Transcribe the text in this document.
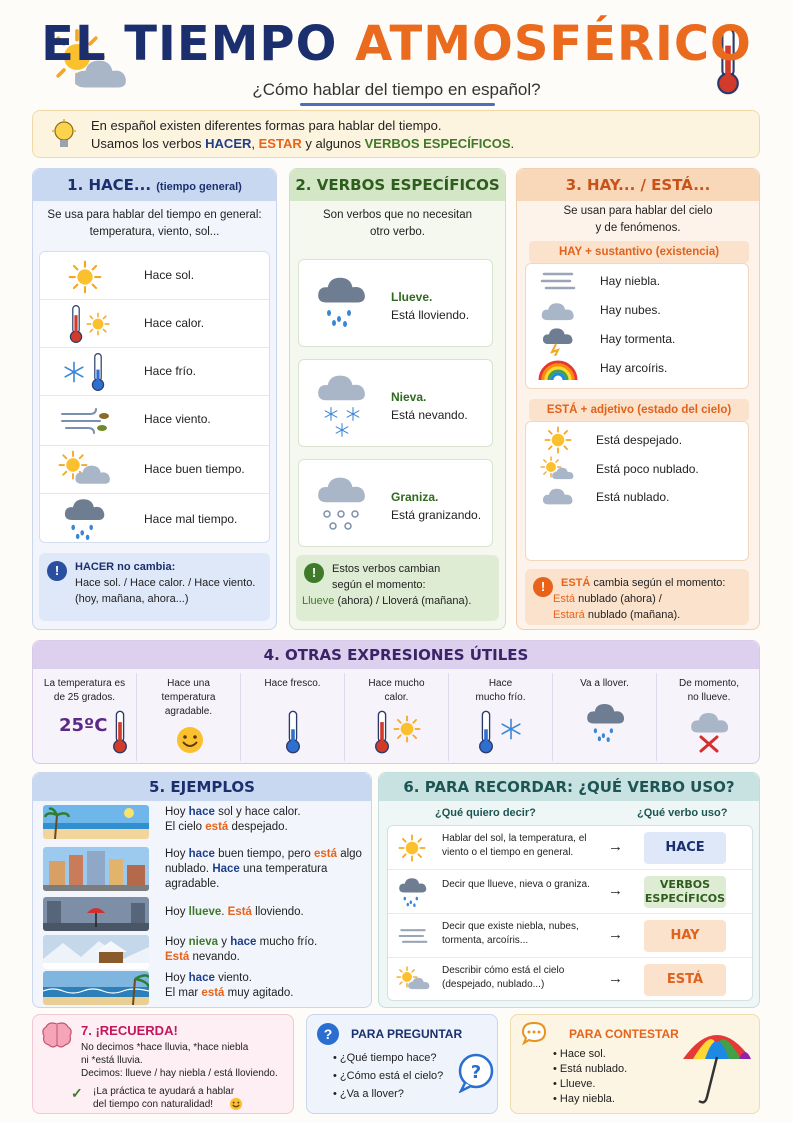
EL TIEMPO ATMOSFÉRICO
¿Cómo hablar del tiempo en español?
En español existen diferentes formas para hablar del tiempo.
Usamos los verbos HACER, ESTAR y algunos VERBOS ESPECÍFICOS.
1. HACE... (tiempo general)
Se usa para hablar del tiempo en general:
temperatura, viento, sol...
Hace sol.
Hace calor.
Hace frío.
Hace viento.
Hace buen tiempo.
Hace mal tiempo.
!	HACER no cambia:
Hace sol. / Hace calor. / Hace viento.
(hoy, mañana, ahora...)
2. VERBOS ESPECÍFICOS
Son verbos que no necesitan
otro verbo.
Llueve.
Está lloviendo.
Nieva.
Está nevando.
Graniza.
Está granizando.
!	Estos verbos cambian
según el momento:
Llueve (ahora) / Lloverá (mañana).
3. HAY... / ESTÁ...
Se usan para hablar del cielo
y de fenómenos.
HAY + sustantivo (existencia)
Hay niebla.
Hay nubes.
Hay tormenta.
Hay arcoíris.
ESTÁ + adjetivo (estado del cielo)
Está despejado.
Está poco nublado.
Está nublado.
!	ESTÁ cambia según el momento:
Está nublado (ahora) /
Estará nublado (mañana).
4. OTRAS EXPRESIONES ÚTILES
La temperatura es de 25 grados.
25ºC
Hace una temperatura agradable.
Hace fresco.	Hace mucho calor.
Hace mucho frío.
Va a llover.	De momento, no llueve.
5. EJEMPLOS
Hoy hace sol y hace calor.
El cielo está despejado.
Hoy hace buen tiempo, pero está algo nublado. Hace una temperatura agradable.
Hoy llueve. Está lloviendo.
Hoy nieva y hace mucho frío.
Está nevando.
Hoy hace viento.
El mar está muy agitado.
6. PARA RECORDAR: ¿QUÉ VERBO USO?
¿Qué quiero decir?	¿Qué verbo uso?
Hablar del sol, la temperatura, el viento o el tiempo en general.	→	HACE
Decir que llueve, nieva o graniza.	→	VERBOS ESPECÍFICOS
Decir que existe niebla, nubes, tormenta, arcoíris...	→	HAY
Describir cómo está el cielo (despejado, nublado...)	→	ESTÁ
7. ¡RECUERDA!
No decimos *hace lluvia, *hace niebla
ni *está lluvia.
Decimos: llueve / hay niebla / está lloviendo.
✓ ¡La práctica te ayudará a hablar
del tiempo con naturalidad!
?	PARA PREGUNTAR
• ¿Qué tiempo hace?
• ¿Cómo está el cielo?
• ¿Va a llover?
?
PARA CONTESTAR
• Hace sol.
• Está nublado.
• Llueve.
• Hay niebla.
